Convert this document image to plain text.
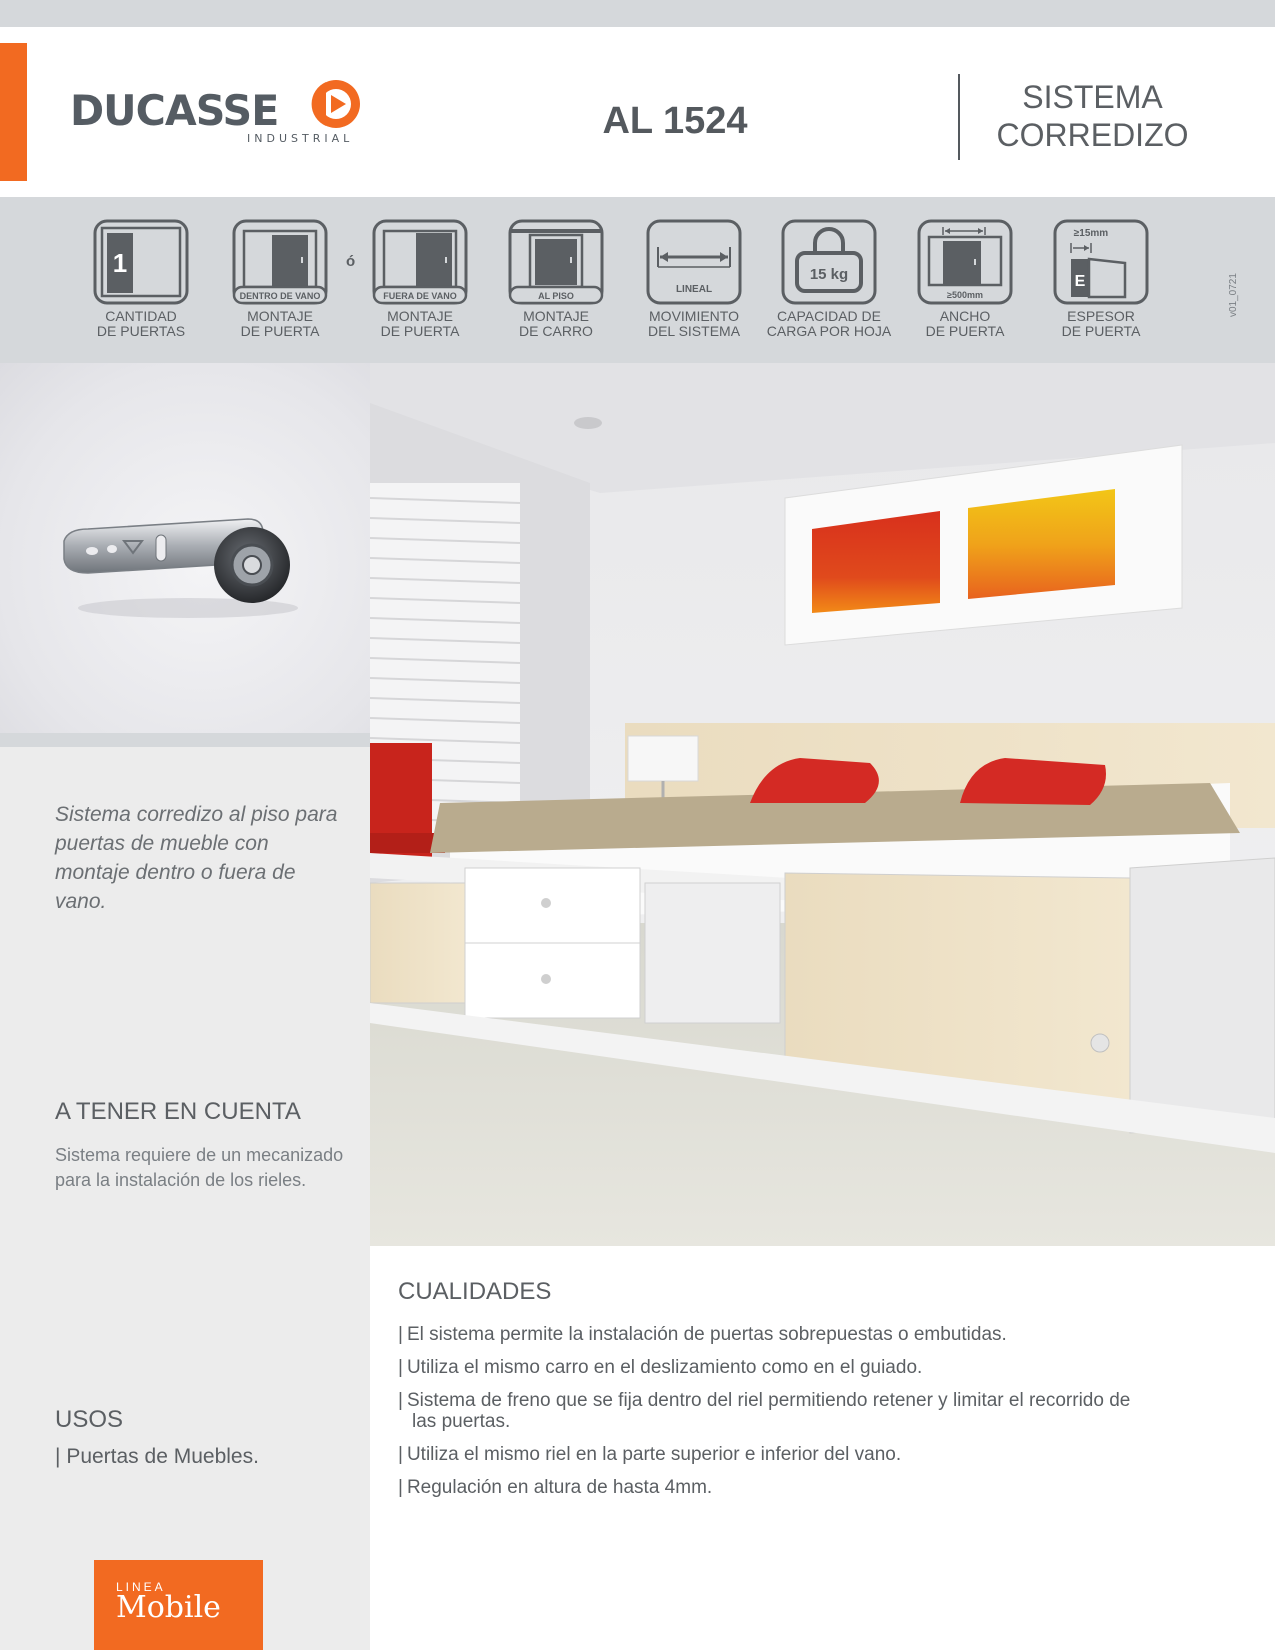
DUCASSE
INDUSTRIAL	AL 1524
SISTEMA
CORREDIZO
1
CANTIDAD
DE PUERTAS
DENTRO DE VANO
MONTAJE
DE PUERTA
ó
FUERA DE VANO
MONTAJE
DE PUERTA
AL PISO
MONTAJE
DE CARRO
LINEAL
MOVIMIENTO
DEL SISTEMA
15 kg
CAPACIDAD DE
CARGA POR HOJA
≥500mm
ANCHO
DE PUERTA
≥15mm
E
ESPESOR
DE PUERTA
v01_0721
Sistema corredizo al piso para puertas de mueble con montaje dentro o fuera de vano.
A TENER EN CUENTA
Sistema requiere de un mecanizado para la instalación de los rieles.
USOS
| Puertas de Muebles.
LINEA
Mobile
CUALIDADES
| El sistema permite la instalación de puertas sobrepuestas o embutidas.
| Utiliza el mismo carro en el deslizamiento como en el guiado.
| Sistema de freno que se fija dentro del riel permitiendo retener y limitar el recorrido de las puertas.
| Utiliza el mismo riel en la parte superior e inferior del vano.
| Regulación en altura de hasta 4mm.
